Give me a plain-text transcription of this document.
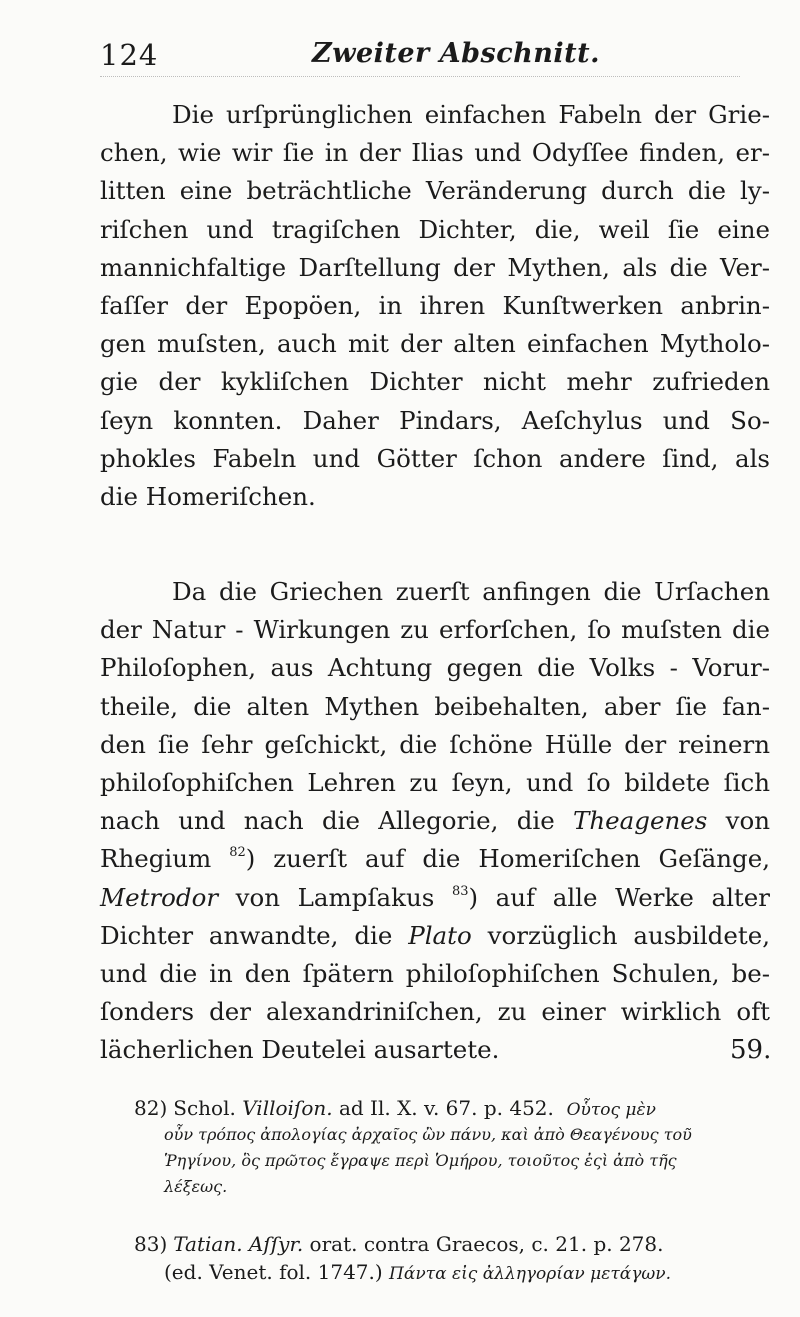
124	Zweiter Abschnitt.
Die urſprünglichen einfachen Fabeln der Grie-
chen, wie wir ſie in der Ilias und Odyſſee finden, er-
litten eine beträchtliche Veränderung durch die ly-
riſchen und tragiſchen Dichter, die, weil ſie eine
mannichfaltige Darſtellung der Mythen, als die Ver-
faſſer der Epopöen, in ihren Kunſtwerken anbrin-
gen muſsten, auch mit der alten einfachen Mytholo-
gie der kykliſchen Dichter nicht mehr zufrieden
ſeyn konnten. Daher Pindars, Aeſchylus und So-
phokles Fabeln und Götter ſchon andere ſind, als
die Homeriſchen.
Da die Griechen zuerſt anfingen die Urſachen
der Natur - Wirkungen zu erforſchen, ſo muſsten die
Philoſophen, aus Achtung gegen die Volks - Vorur-
theile, die alten Mythen beibehalten, aber ſie fan-
den ſie ſehr geſchickt, die ſchöne Hülle der reinern
philoſophiſchen Lehren zu ſeyn, und ſo bildete ſich
nach und nach die Allegorie, die Theagenes von
Rhegium $^{82}$) zuerſt auf die Homeriſchen Geſänge,
Metrodor von Lampſakus $^{83}$) auf alle Werke alter
Dichter anwandte, die Plato vorzüglich ausbildete,
und die in den ſpätern philoſophiſchen Schulen, be-
ſonders der alexandriniſchen, zu einer wirklich oft
lächerlichen Deutelei ausartete.	59.
82) Schol. Villoiſon. ad Il. X. v. 67. p. 452. Οὗτος μὲν
οὖν τρόπος ἀπολογίας ἀρχαῖος ὢν πάνυ, καὶ ἀπὸ Θεαγένους τοῦ
Ῥηγίνου, ὃς πρῶτος ἔγραψε περὶ Ὁμήρου, τοιοῦτος ἐςὶ ἀπὸ τῆς
λέξεως.
83) Tatian. Aſſyr. orat. contra Graecos, c. 21. p. 278.
(ed. Venet. fol. 1747.) Πάντα εἰς ἀλληγορίαν μετάγων.
